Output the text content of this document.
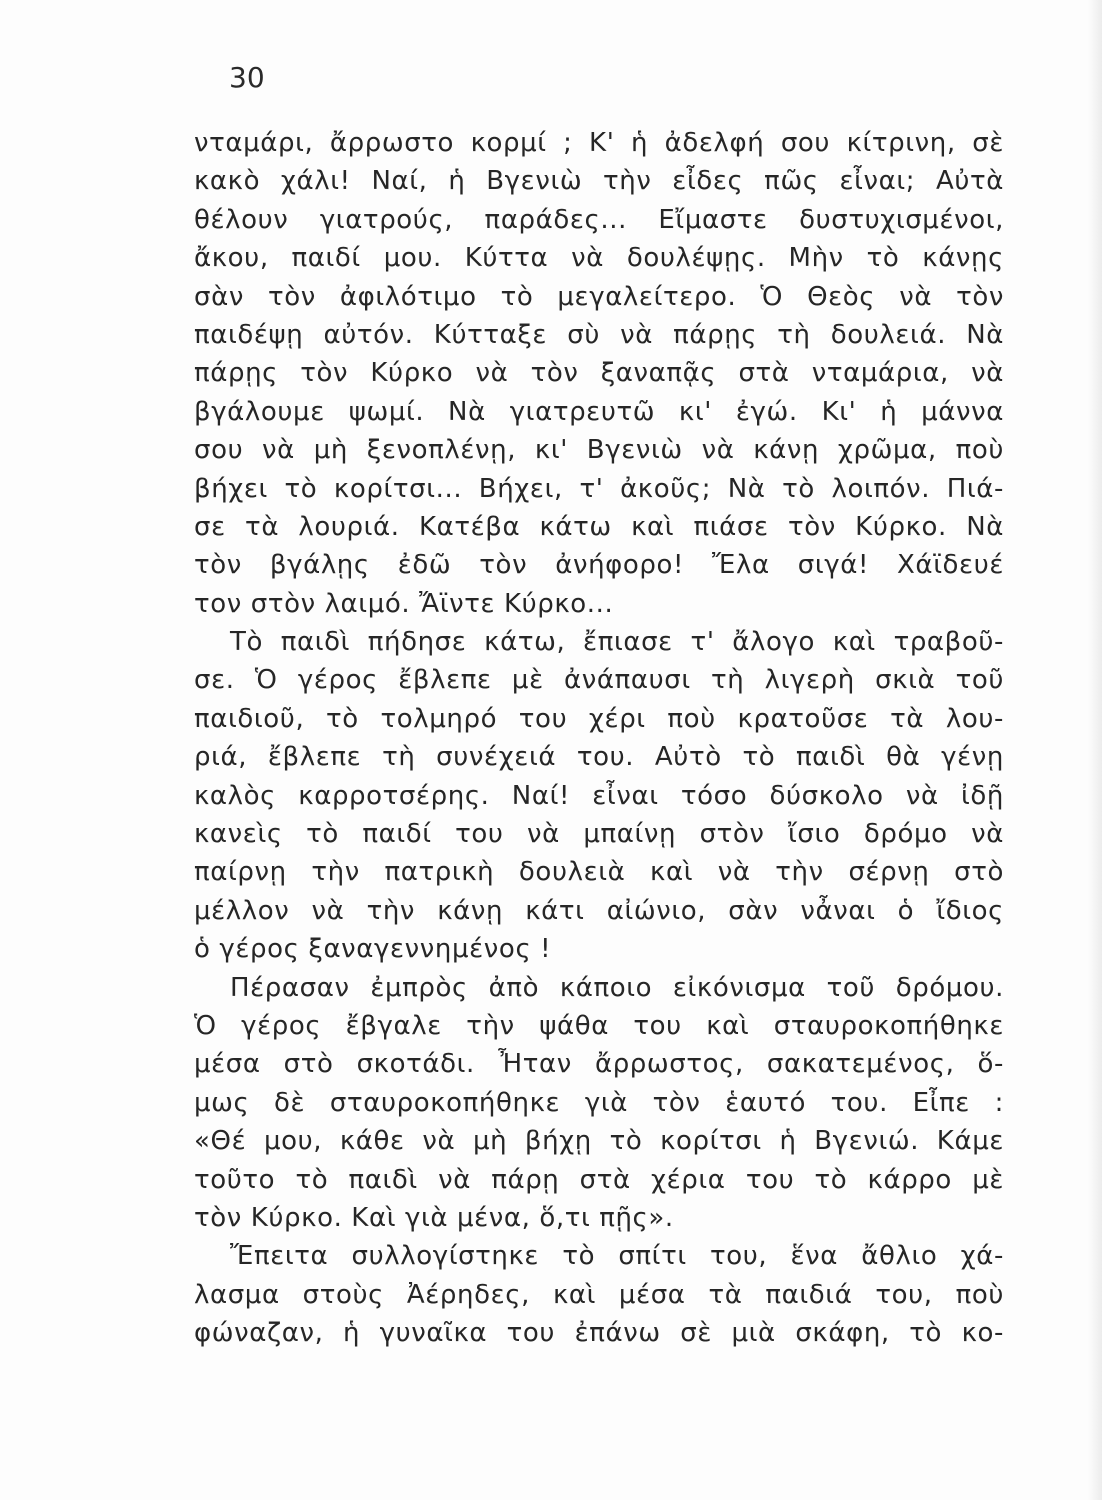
30
νταμάρι, ἄρρωστο κορμί ; Κ' ἡ ἀδελφή σου κίτρινη, σὲ
κακὸ χάλι! Ναί, ἡ Βγενιὼ τὴν εἶδες πῶς εἶναι; Αὐτὰ
θέλουν γιατρούς, παράδες... Εἴμαστε δυστυχισμένοι,
ἄκου, παιδί μου. Κύττα νὰ δουλέψῃς. Μὴν τὸ κάνῃς
σὰν τὸν ἀφιλότιμο τὸ μεγαλείτερο. Ὁ Θεὸς νὰ τὸν
παιδέψῃ αὐτόν. Κύτταξε σὺ νὰ πάρῃς τὴ δουλειά. Νὰ
πάρῃς τὸν Κύρκο νὰ τὸν ξαναπᾷς στὰ νταμάρια, νὰ
βγάλουμε ψωμί. Νὰ γιατρευτῶ κι' ἐγώ. Κι' ἡ μάννα
σου νὰ μὴ ξενοπλένῃ, κι' Βγενιὼ νὰ κάνῃ χρῶμα, ποὺ
βήχει τὸ κορίτσι... Βήχει, τ' ἀκοῦς; Νὰ τὸ λοιπόν. Πιά-
σε τὰ λουριά. Κατέβα κάτω καὶ πιάσε τὸν Κύρκο. Νὰ
τὸν βγάλῃς ἐδῶ τὸν ἀνήφορο! Ἔλα σιγά! Χάϊδευέ
τον στὸν λαιμό. Ἄϊντε Κύρκο...
Τὸ παιδὶ πήδησε κάτω, ἔπιασε τ' ἄλογο καὶ τραβοῦ-
σε. Ὁ γέρος ἔβλεπε μὲ ἀνάπαυσι τὴ λιγερὴ σκιὰ τοῦ
παιδιοῦ, τὸ τολμηρό του χέρι ποὺ κρατοῦσε τὰ λου-
ριά, ἔβλεπε τὴ συνέχειά του. Αὐτὸ τὸ παιδὶ θὰ γένῃ
καλὸς καρροτσέρης. Ναί! εἶναι τόσο δύσκολο νὰ ἰδῇ
κανεὶς τὸ παιδί του νὰ μπαίνῃ στὸν ἴσιο δρόμο νὰ
παίρνῃ τὴν πατρικὴ δουλειὰ καὶ νὰ τὴν σέρνῃ στὸ
μέλλον νὰ τὴν κάνῃ κάτι αἰώνιο, σὰν νἆναι ὁ ἴδιος
ὁ γέρος ξαναγεννημένος !
Πέρασαν ἐμπρὸς ἀπὸ κάποιο εἰκόνισμα τοῦ δρόμου.
Ὁ γέρος ἔβγαλε τὴν ψάθα του καὶ σταυροκοπήθηκε
μέσα στὸ σκοτάδι. Ἦταν ἄρρωστος, σακατεμένος, ὅ-
μως δὲ σταυροκοπήθηκε γιὰ τὸν ἑαυτό του. Εἶπε :
«Θέ μου, κάθε νὰ μὴ βήχῃ τὸ κορίτσι ἡ Βγενιώ. Κάμε
τοῦτο τὸ παιδὶ νὰ πάρῃ στὰ χέρια του τὸ κάρρο μὲ
τὸν Κύρκο. Καὶ γιὰ μένα, ὅ,τι πῇς».
Ἔπειτα συλλογίστηκε τὸ σπίτι του, ἕνα ἄθλιο χά-
λασμα στοὺς Ἀέρηδες, καὶ μέσα τὰ παιδιά του, ποὺ
φώναζαν, ἡ γυναῖκα του ἐπάνω σὲ μιὰ σκάφη, τὸ κο-
